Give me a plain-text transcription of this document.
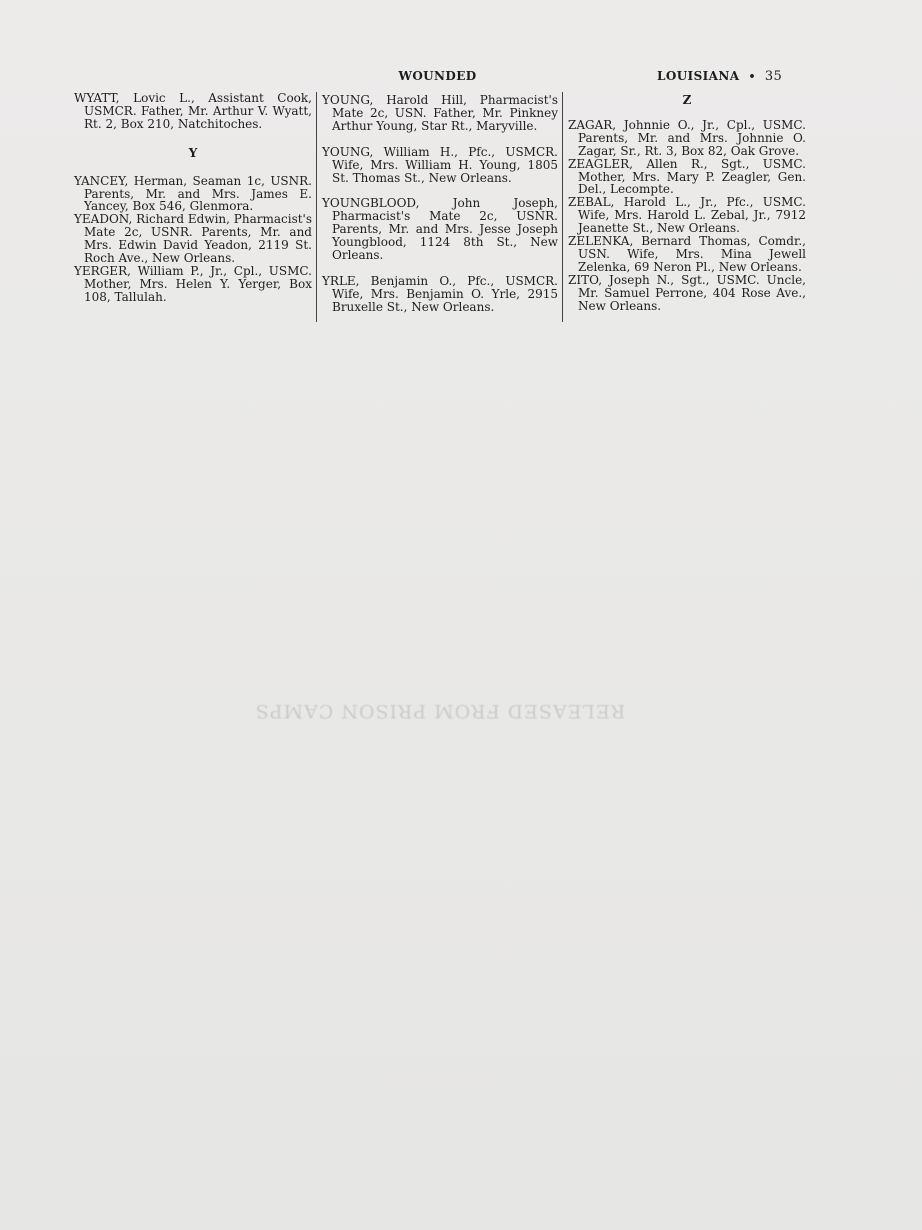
RELEASED FROM PRISON CAMPS
WOUNDED	LOUISIANA • 35

WYATT, Lovic L., Assistant Cook, USMCR. Father, Mr. Arthur V. Wyatt, Rt. 2, Box 210, Natchitoches.

Y

YANCEY, Herman, Seaman 1c, USNR. Parents, Mr. and Mrs. James E. Yancey, Box 546, Glenmora.

YEADON, Richard Edwin, Pharmacist's Mate 2c, USNR. Parents, Mr. and Mrs. Edwin David Yeadon, 2119 St. Roch Ave., New Orleans.

YERGER, William P., Jr., Cpl., USMC. Mother, Mrs. Helen Y. Yerger, Box 108, Tallulah.

YOUNG, Harold Hill, Pharmacist's Mate 2c, USN. Father, Mr. Pinkney Arthur Young, Star Rt., Maryville.

YOUNG, William H., Pfc., USMCR. Wife, Mrs. William H. Young, 1805 St. Thomas St., New Orleans.

YOUNGBLOOD, John Joseph, Pharmacist's Mate 2c, USNR. Parents, Mr. and Mrs. Jesse Joseph Youngblood, 1124 8th St., New Orleans.

YRLE, Benjamin O., Pfc., USMCR. Wife, Mrs. Benjamin O. Yrle, 2915 Bruxelle St., New Orleans.

Z

ZAGAR, Johnnie O., Jr., Cpl., USMC. Parents, Mr. and Mrs. Johnnie O. Zagar, Sr., Rt. 3, Box 82, Oak Grove.

ZEAGLER, Allen R., Sgt., USMC. Mother, Mrs. Mary P. Zeagler, Gen. Del., Lecompte.

ZEBAL, Harold L., Jr., Pfc., USMC. Wife, Mrs. Harold L. Zebal, Jr., 7912 Jeanette St., New Orleans.

ZELENKA, Bernard Thomas, Comdr., USN. Wife, Mrs. Mina Jewell Zelenka, 69 Neron Pl., New Orleans.

ZITO, Joseph N., Sgt., USMC. Uncle, Mr. Samuel Perrone, 404 Rose Ave., New Orleans.
